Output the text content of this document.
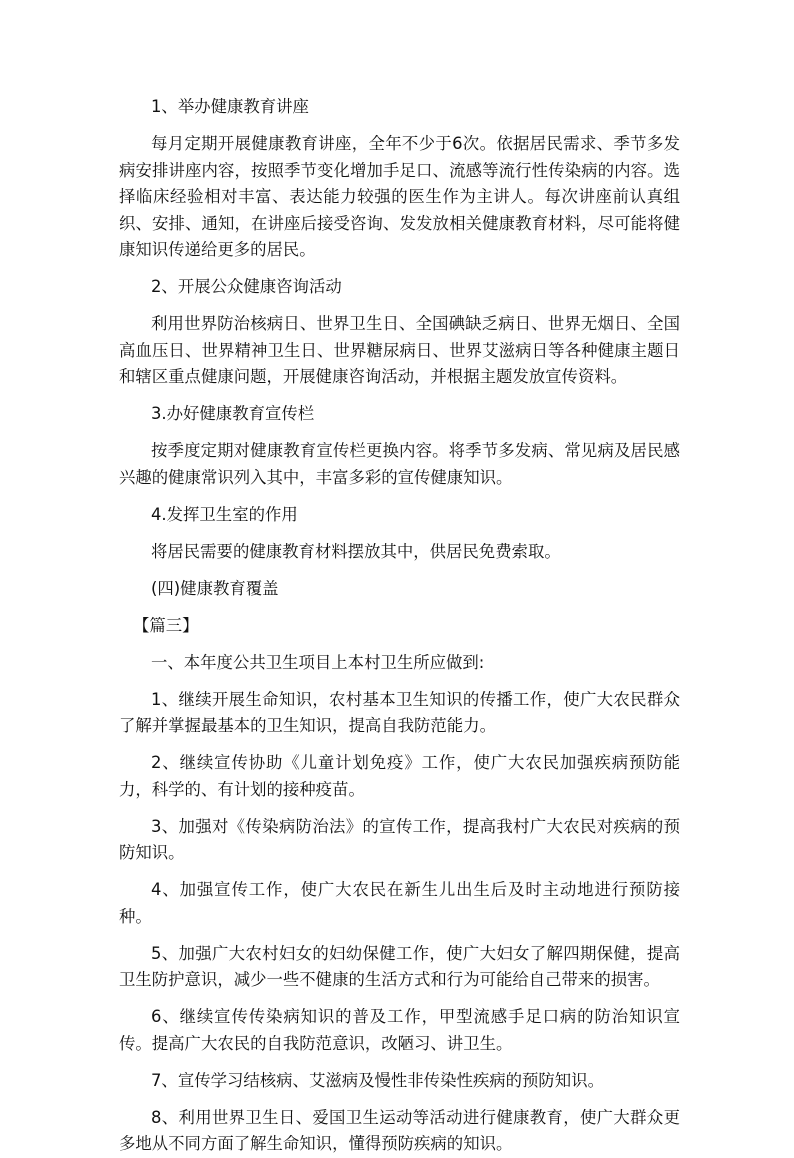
1、举办健康教育讲座

每月定期开展健康教育讲座，全年不少于6次。依据居民需求、季节多发病安排讲座内容，按照季节变化增加手足口、流感等流行性传染病的内容。选择临床经验相对丰富、表达能力较强的医生作为主讲人。每次讲座前认真组织、安排、通知，在讲座后接受咨询、发发放相关健康教育材料，尽可能将健康知识传递给更多的居民。

2、开展公众健康咨询活动

利用世界防治核病日、世界卫生日、全国碘缺乏病日、世界无烟日、全国高血压日、世界精神卫生日、世界糖尿病日、世界艾滋病日等各种健康主题日和辖区重点健康问题，开展健康咨询活动，并根据主题发放宣传资料。

3.办好健康教育宣传栏

按季度定期对健康教育宣传栏更换内容。将季节多发病、常见病及居民感兴趣的健康常识列入其中，丰富多彩的宣传健康知识。

4.发挥卫生室的作用

将居民需要的健康教育材料摆放其中，供居民免费索取。

(四)健康教育覆盖

【篇三】

一、本年度公共卫生项目上本村卫生所应做到:

1、继续开展生命知识，农村基本卫生知识的传播工作，使广大农民群众了解并掌握最基本的卫生知识，提高自我防范能力。

2、继续宣传协助《儿童计划免疫》工作，使广大农民加强疾病预防能力，科学的、有计划的接种疫苗。

3、加强对《传染病防治法》的宣传工作，提高我村广大农民对疾病的预防知识。

4、加强宣传工作，使广大农民在新生儿出生后及时主动地进行预防接种。

5、加强广大农村妇女的妇幼保健工作，使广大妇女了解四期保健，提高卫生防护意识，减少一些不健康的生活方式和行为可能给自己带来的损害。

6、继续宣传传染病知识的普及工作，甲型流感手足口病的防治知识宣传。提高广大农民的自我防范意识，改陋习、讲卫生。

7、宣传学习结核病、艾滋病及慢性非传染性疾病的预防知识。

8、利用世界卫生日、爱国卫生运动等活动进行健康教育，使广大群众更多地从不同方面了解生命知识，懂得预防疾病的知识。
